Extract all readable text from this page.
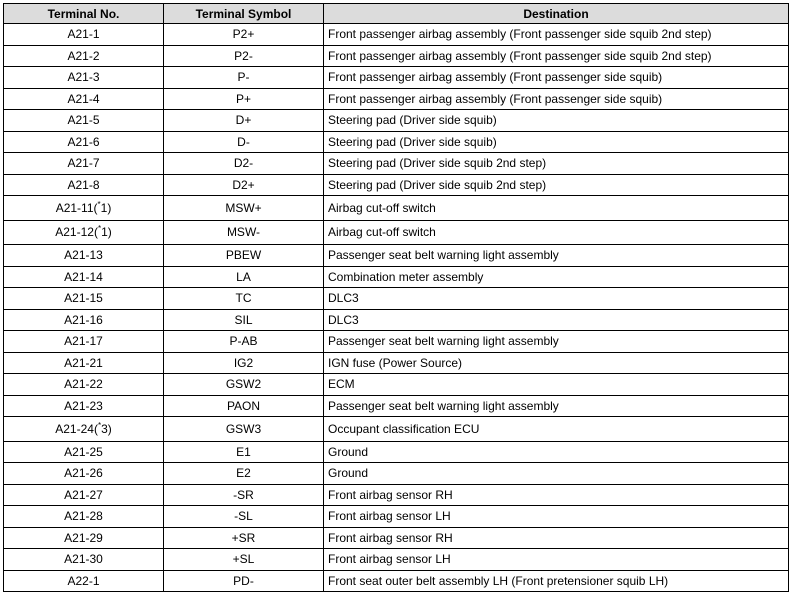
Terminal No.	Terminal Symbol	Destination
A21-1	P2+	Front passenger airbag assembly (Front passenger side squib 2nd step)
A21-2	P2-	Front passenger airbag assembly (Front passenger side squib 2nd step)
A21-3	P-	Front passenger airbag assembly (Front passenger side squib)
A21-4	P+	Front passenger airbag assembly (Front passenger side squib)
A21-5	D+	Steering pad (Driver side squib)
A21-6	D-	Steering pad (Driver side squib)
A21-7	D2-	Steering pad (Driver side squib 2nd step)
A21-8	D2+	Steering pad (Driver side squib 2nd step)
A21-11(*1)	MSW+	Airbag cut-off switch
A21-12(*1)	MSW-	Airbag cut-off switch
A21-13	PBEW	Passenger seat belt warning light assembly
A21-14	LA	Combination meter assembly
A21-15	TC	DLC3
A21-16	SIL	DLC3
A21-17	P-AB	Passenger seat belt warning light assembly
A21-21	IG2	IGN fuse (Power Source)
A21-22	GSW2	ECM
A21-23	PAON	Passenger seat belt warning light assembly
A21-24(*3)	GSW3	Occupant classification ECU
A21-25	E1	Ground
A21-26	E2	Ground
A21-27	-SR	Front airbag sensor RH
A21-28	-SL	Front airbag sensor LH
A21-29	+SR	Front airbag sensor RH
A21-30	+SL	Front airbag sensor LH
A22-1	PD-	Front seat outer belt assembly LH (Front pretensioner squib LH)
